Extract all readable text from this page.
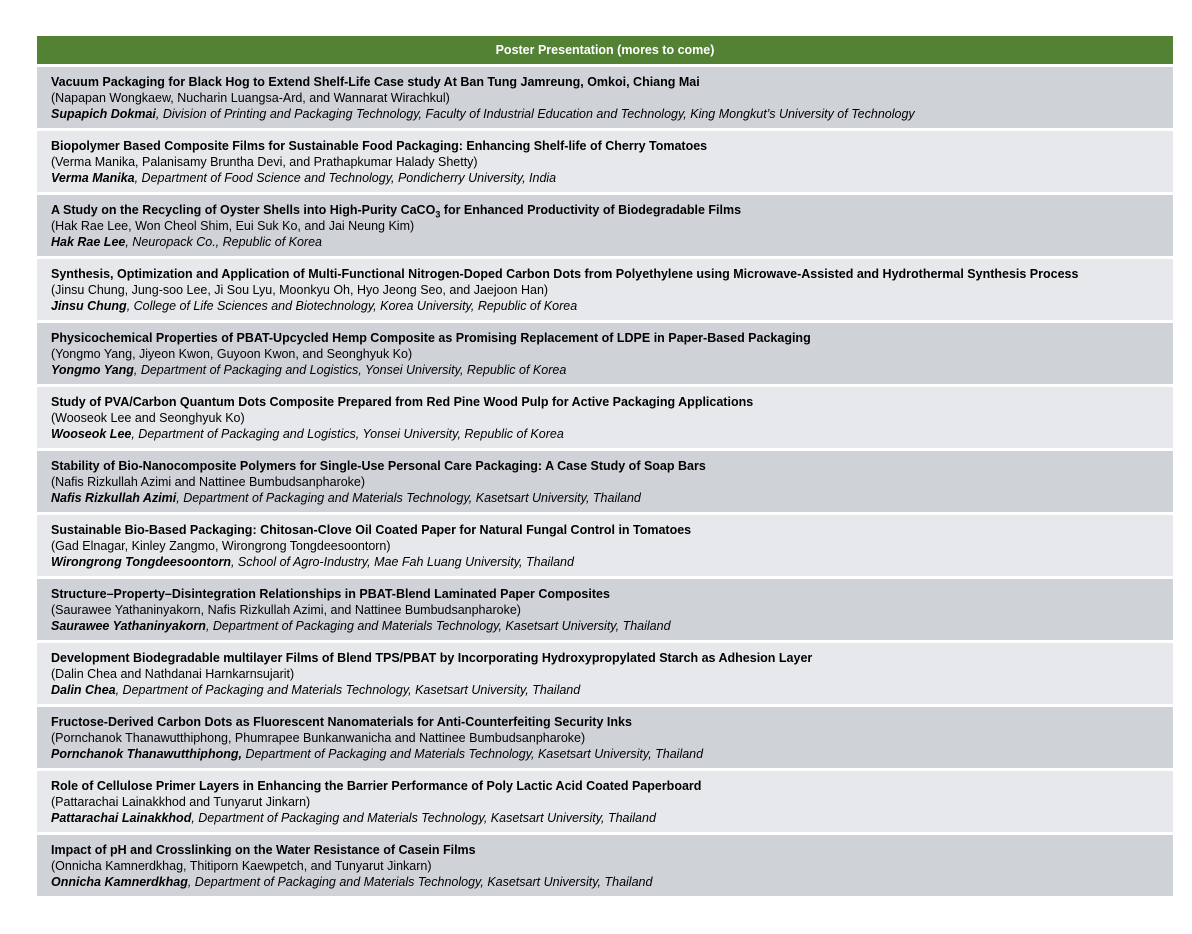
Poster Presentation (mores to come)
Vacuum Packaging for Black Hog to Extend Shelf-Life Case study At Ban Tung Jamreung, Omkoi, Chiang Mai
(Napapan Wongkaew, Nucharin Luangsa-Ard, and Wannarat Wirachkul)
Supapich Dokmai, Division of Printing and Packaging Technology, Faculty of Industrial Education and Technology, King Mongkut’s University of Technology
Biopolymer Based Composite Films for Sustainable Food Packaging: Enhancing Shelf-life of Cherry Tomatoes
(Verma Manika, Palanisamy Bruntha Devi, and Prathapkumar Halady Shetty)
Verma Manika, Department of Food Science and Technology, Pondicherry University, India
A Study on the Recycling of Oyster Shells into High-Purity CaCO$_3$ for Enhanced Productivity of Biodegradable Films
(Hak Rae Lee, Won Cheol Shim, Eui Suk Ko, and Jai Neung Kim)
Hak Rae Lee, Neuropack Co., Republic of Korea
Synthesis, Optimization and Application of Multi-Functional Nitrogen-Doped Carbon Dots from Polyethylene using Microwave-Assisted and Hydrothermal Synthesis Process
(Jinsu Chung, Jung-soo Lee, Ji Sou Lyu, Moonkyu Oh, Hyo Jeong Seo, and Jaejoon Han)
Jinsu Chung, College of Life Sciences and Biotechnology, Korea University, Republic of Korea
Physicochemical Properties of PBAT-Upcycled Hemp Composite as Promising Replacement of LDPE in Paper-Based Packaging
(Yongmo Yang, Jiyeon Kwon, Guyoon Kwon, and Seonghyuk Ko)
Yongmo Yang, Department of Packaging and Logistics, Yonsei University, Republic of Korea
Study of PVA/Carbon Quantum Dots Composite Prepared from Red Pine Wood Pulp for Active Packaging Applications
(Wooseok Lee and Seonghyuk Ko)
Wooseok Lee, Department of Packaging and Logistics, Yonsei University, Republic of Korea
Stability of Bio-Nanocomposite Polymers for Single-Use Personal Care Packaging: A Case Study of Soap Bars
(Nafis Rizkullah Azimi and Nattinee Bumbudsanpharoke)
Nafis Rizkullah Azimi, Department of Packaging and Materials Technology, Kasetsart University, Thailand
Sustainable Bio-Based Packaging: Chitosan-Clove Oil Coated Paper for Natural Fungal Control in Tomatoes
(Gad Elnagar, Kinley Zangmo, Wirongrong Tongdeesoontorn)
Wirongrong Tongdeesoontorn, School of Agro-Industry, Mae Fah Luang University, Thailand
Structure–Property–Disintegration Relationships in PBAT-Blend Laminated Paper Composites
(Saurawee Yathaninyakorn, Nafis Rizkullah Azimi, and Nattinee Bumbudsanpharoke)
Saurawee Yathaninyakorn, Department of Packaging and Materials Technology, Kasetsart University, Thailand
Development Biodegradable multilayer Films of Blend TPS/PBAT by Incorporating Hydroxypropylated Starch as Adhesion Layer
(Dalin Chea and Nathdanai Harnkarnsujarit)
Dalin Chea, Department of Packaging and Materials Technology, Kasetsart University, Thailand
Fructose-Derived Carbon Dots as Fluorescent Nanomaterials for Anti-Counterfeiting Security Inks
(Pornchanok Thanawutthiphong, Phumrapee Bunkanwanicha and Nattinee Bumbudsanpharoke)
Pornchanok Thanawutthiphong, Department of Packaging and Materials Technology, Kasetsart University, Thailand
Role of Cellulose Primer Layers in Enhancing the Barrier Performance of Poly Lactic Acid Coated Paperboard
(Pattarachai Lainakkhod and Tunyarut Jinkarn)
Pattarachai Lainakkhod, Department of Packaging and Materials Technology, Kasetsart University, Thailand
Impact of pH and Crosslinking on the Water Resistance of Casein Films
(Onnicha Kamnerdkhag, Thitiporn Kaewpetch, and Tunyarut Jinkarn)
Onnicha Kamnerdkhag, Department of Packaging and Materials Technology, Kasetsart University, Thailand
